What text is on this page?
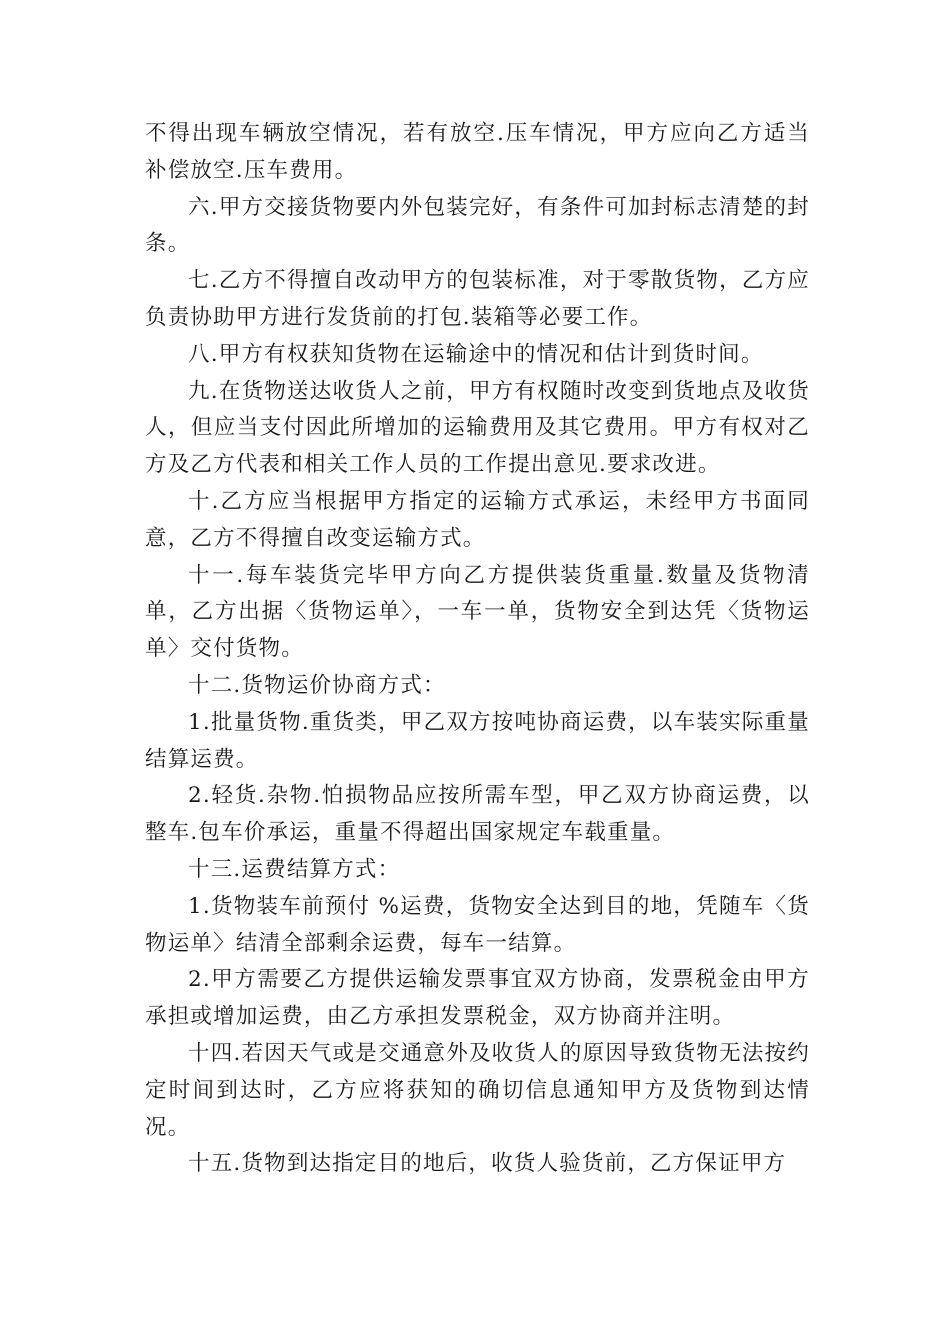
不得出现车辆放空情况，若有放空.压车情况，甲方应向乙方适当补偿放空.压车费用。

六.甲方交接货物要内外包装完好，有条件可加封标志清楚的封条。

七.乙方不得擅自改动甲方的包装标准，对于零散货物，乙方应负责协助甲方进行发货前的打包.装箱等必要工作。

八.甲方有权获知货物在运输途中的情况和估计到货时间。

九.在货物送达收货人之前，甲方有权随时改变到货地点及收货人，但应当支付因此所增加的运输费用及其它费用。甲方有权对乙方及乙方代表和相关工作人员的工作提出意见.要求改进。

十.乙方应当根据甲方指定的运输方式承运，未经甲方书面同意，乙方不得擅自改变运输方式。

十一.每车装货完毕甲方向乙方提供装货重量.数量及货物清单，乙方出据〈货物运单〉，一车一单，货物安全到达凭〈货物运单〉交付货物。

十二.货物运价协商方式：

1.批量货物.重货类，甲乙双方按吨协商运费，以车装实际重量结算运费。

2.轻货.杂物.怕损物品应按所需车型，甲乙双方协商运费，以整车.包车价承运，重量不得超出国家规定车载重量。

十三.运费结算方式：

1.货物装车前预付 %运费，货物安全达到目的地，凭随车〈货物运单〉结清全部剩余运费，每车一结算。

2.甲方需要乙方提供运输发票事宜双方协商，发票税金由甲方承担或增加运费，由乙方承担发票税金，双方协商并注明。

十四.若因天气或是交通意外及收货人的原因导致货物无法按约定时间到达时，乙方应将获知的确切信息通知甲方及货物到达情况。

十五.货物到达指定目的地后，收货人验货前，乙方保证甲方
